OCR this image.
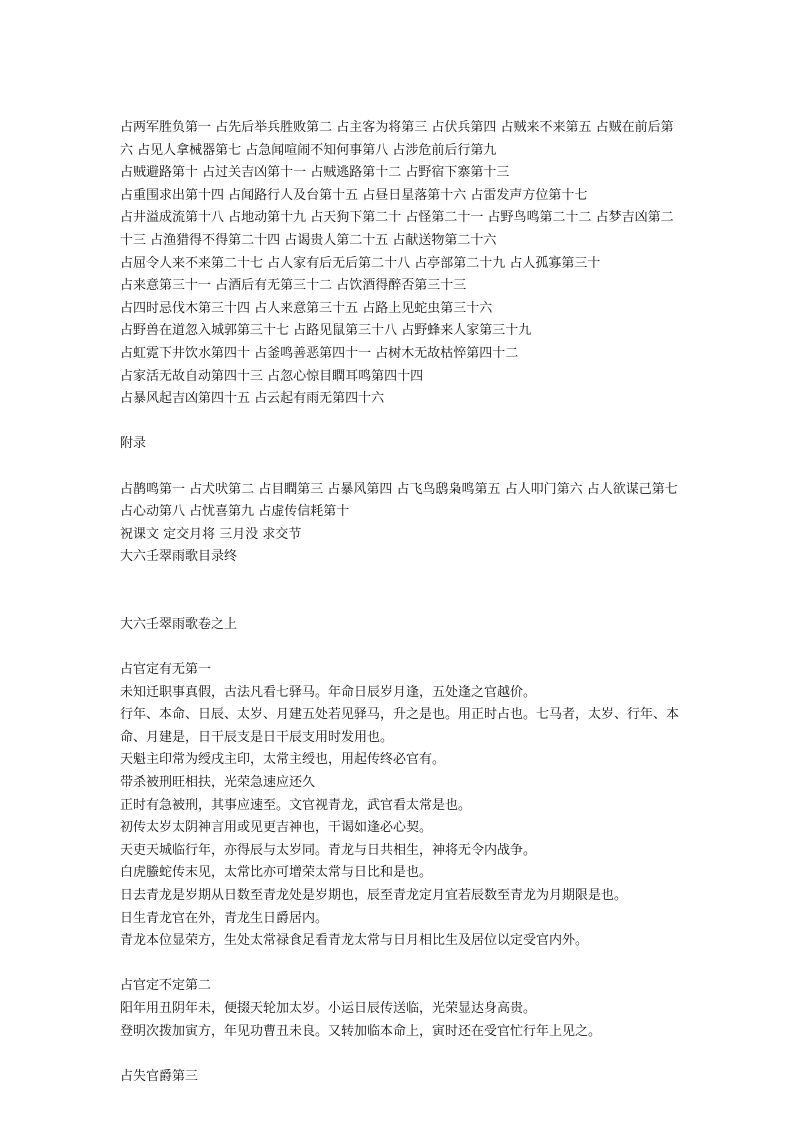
占两军胜负第一 占先后举兵胜败第二 占主客为将第三 占伏兵第四 占贼来不来第五 占贼在前后第六 占见人拿械器第七 占急闻喧闹不知何事第八 占涉危前后行第九

占贼避路第十 占过关吉凶第十一 占贼逃路第十二 占野宿下寨第十三

占重围求出第十四 占闻路行人及台第十五 占昼日星落第十六 占雷发声方位第十七

占井溢成流第十八 占地动第十九 占天狗下第二十 占怪第二十一 占野鸟鸣第二十二 占梦吉凶第二十三 占渔猎得不得第二十四 占谒贵人第二十五 占献送物第二十六

占屈令人来不来第二十七 占人家有后无后第二十八 占亭部第二十九 占人孤寡第三十

占来意第三十一 占酒后有无第三十二 占饮酒得醉否第三十三

占四时忌伐木第三十四 占人来意第三十五 占路上见蛇虫第三十六

占野兽在道忽入城郭第三十七 占路见鼠第三十八 占野蜂来人家第三十九

占虹霓下井饮水第四十 占釜鸣善恶第四十一 占树木无故枯悴第四十二

占家活无故自动第四十三 占忽心惊目瞤耳鸣第四十四

占暴风起吉凶第四十五 占云起有雨无第四十六

附录

占鹊鸣第一 占犬吠第二 占目瞤第三 占暴风第四 占飞鸟鸱枭鸣第五 占人叩门第六 占人欲谋己第七 占心动第八 占忧喜第九 占虚传信耗第十

祝课文 定交月将 三月没 求交节

大六壬翠雨歌目录终

大六壬翠雨歌卷之上

占官定有无第一

未知迁职事真假，古法凡看七驿马。年命日辰岁月逢，五处逢之官越价。

行年、本命、日辰、太岁、月建五处若见驿马，升之是也。用正时占也。七马者，太岁、行年、本命、月建是，日干辰支是日干辰支用时发用也。

天魁主印常为绶戌主印，太常主绶也，用起传终必官有。

带杀被刑旺相扶，光荣急速应还久

正时有急被刑，其事应速至。文官视青龙，武官看太常是也。

初传太岁太阴神言用或见更吉神也，干谒如逢必心契。

天吏天城临行年，亦得辰与太岁同。青龙与日共相生，神将无令内战争。

白虎螣蛇传末见，太常比亦可增荣太常与日比和是也。

日去青龙是岁期从日数至青龙处是岁期也，辰至青龙定月宜若辰数至青龙为月期限是也。

日生青龙官在外，青龙生日爵居内。

青龙本位显荣方，生处太常禄食足看青龙太常与日月相比生及居位以定受官内外。

占官定不定第二

阳年用丑阴年未，便掇天轮加太岁。小运日辰传送临，光荣显达身高贵。

登明次拨加寅方，年见功曹丑未良。又转加临本命上，寅时还在受官忙行年上见之。

占失官爵第三
